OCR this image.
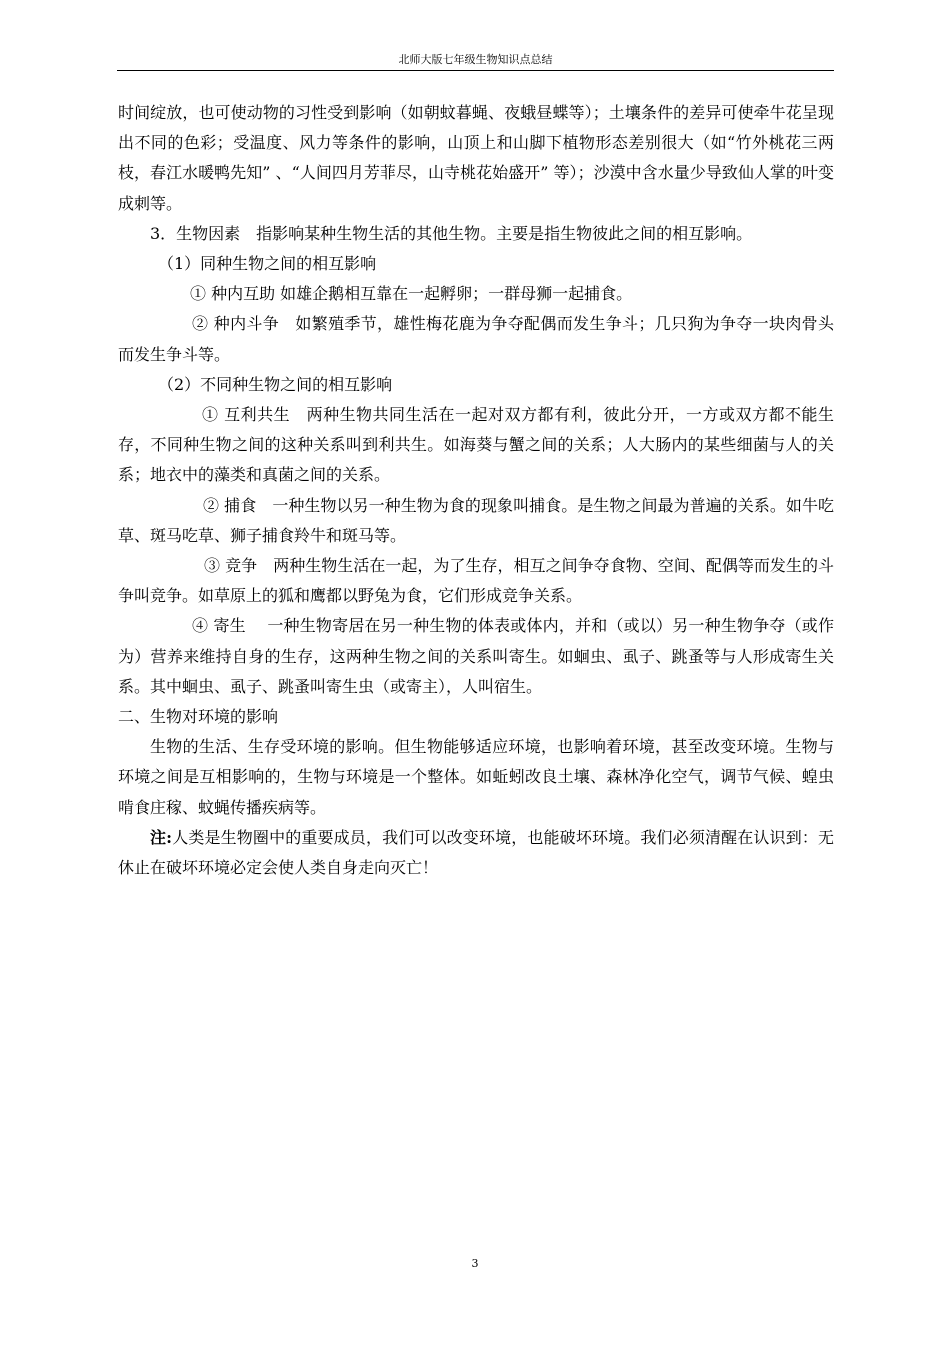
北师大版七年级生物知识点总结

时间绽放，也可使动物的习性受到影响（如朝蚊暮蝇、夜蛾昼蝶等）；土壤条件的差异可使牵牛花呈现出不同的色彩；受温度、风力等条件的影响，山顶上和山脚下植物形态差别很大（如“竹外桃花三两枝，春江水暖鸭先知” 、“人间四月芳菲尽，山寺桃花始盛开” 等）；沙漠中含水量少导致仙人掌的叶变成刺等。

3．生物因素　指影响某种生物生活的其他生物。主要是指生物彼此之间的相互影响。

（1）同种生物之间的相互影响

① 种内互助 如雄企鹅相互靠在一起孵卵；一群母狮一起捕食。

② 种内斗争　如繁殖季节，雄性梅花鹿为争夺配偶而发生争斗；几只狗为争夺一块肉骨头而发生争斗等。

（2）不同种生物之间的相互影响

① 互利共生　两种生物共同生活在一起对双方都有利，彼此分开，一方或双方都不能生存，不同种生物之间的这种关系叫到利共生。如海葵与蟹之间的关系；人大肠内的某些细菌与人的关系；地衣中的藻类和真菌之间的关系。

② 捕食　一种生物以另一种生物为食的现象叫捕食。是生物之间最为普遍的关系。如牛吃草、斑马吃草、狮子捕食羚牛和斑马等。

③ 竞争　两种生物生活在一起，为了生存，相互之间争夺食物、空间、配偶等而发生的斗争叫竞争。如草原上的狐和鹰都以野兔为食，它们形成竞争关系。

④ 寄生　 一种生物寄居在另一种生物的体表或体内，并和（或以）另一种生物争夺（或作为）营养来维持自身的生存，这两种生物之间的关系叫寄生。如蛔虫、虱子、跳蚤等与人形成寄生关系。其中蛔虫、虱子、跳蚤叫寄生虫（或寄主），人叫宿生。

二、生物对环境的影响

生物的生活、生存受环境的影响。但生物能够适应环境，也影响着环境，甚至改变环境。生物与环境之间是互相影响的，生物与环境是一个整体。如蚯蚓改良土壤、森林净化空气，调节气候、蝗虫啃食庄稼、蚊蝇传播疾病等。

注:人类是生物圈中的重要成员，我们可以改变环境，也能破坏环境。我们必须清醒在认识到：无休止在破坏环境必定会使人类自身走向灭亡！

3
